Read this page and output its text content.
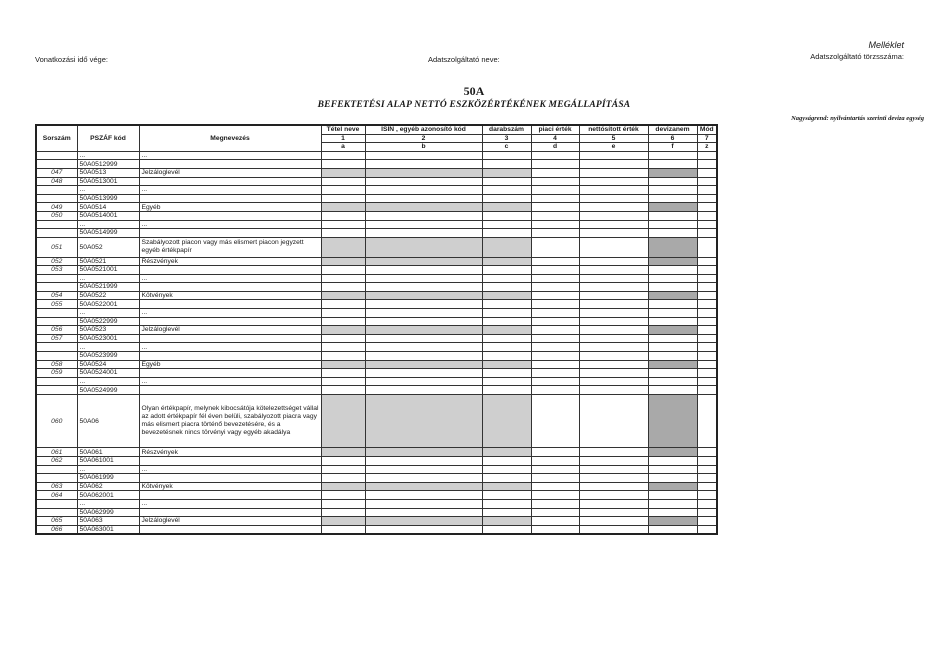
Vonatkozási idő vége:	Adatszolgáltató neve:
Melléklet
Adatszolgáltató törzsszáma:
50A
BEFEKTETÉSI ALAP NETTÓ ESZKÖZÉRTÉKÉNEK MEGÁLLAPÍTÁSA
Nagyságrend: nyilvántartás szerinti deviza egység
Sorszám	PSZÁF kód	Megnevezés	Tétel neve	ISIN , egyéb azonosító kód	darabszám	piaci érték	nettósított érték	devizanem	Mód
			1	2	3	4	5	6	7
			a	b	c	d	e	f	z
	...	...							
	50A0512999								
047	50A0513	Jelzáloglevél							
048	50A0513001								
	...	...							
	50A0513999								
049	50A0514	Egyéb							
050	50A0514001								
	...	...							
	50A0514999								
051	50A052	Szabályozott piacon vagy más elismert piacon jegyzett egyéb értékpapír							
052	50A0521	Részvények							
053	50A0521001								
	...	...							
	50A0521999								
054	50A0522	Kötvények							
055	50A0522001								
	...	...							
	50A0522999								
056	50A0523	Jelzáloglevél							
057	50A0523001								
	...	...							
	50A0523999								
058	50A0524	Egyéb							
059	50A0524001								
	...	...							
	50A0524999								
060	50A06	Olyan értékpapír, melynek kibocsátója kötelezettséget vállal az adott értékpapír fél éven belüli, szabályozott piacra vagy más elismert piacra történő bevezetésére, és a bevezetésnek nincs törvényi vagy egyéb akadálya							
061	50A061	Részvények							
062	50A061001								
	...	...							
	50A061999								
063	50A062	Kötvények							
064	50A062001								
	...	...							
	50A062999								
065	50A063	Jelzáloglevél							
066	50A063001								
